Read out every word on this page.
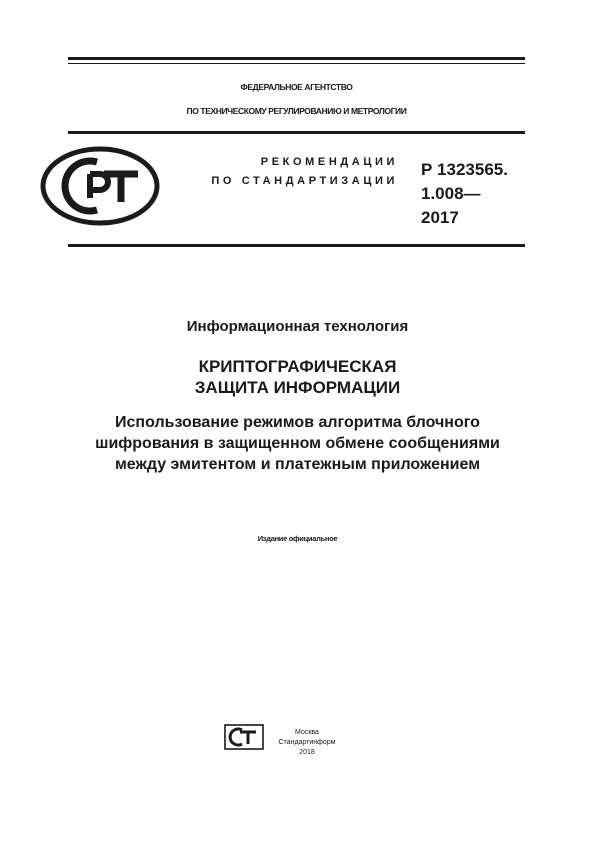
ФЕДЕРАЛЬНОЕ АГЕНТСТВО
ПО ТЕХНИЧЕСКОМУ РЕГУЛИРОВАНИЮ И МЕТРОЛОГИИ
РЕКОМЕНДАЦИИ
ПО СТАНДАРТИЗАЦИИ
Р 1323565.
1.008—
2017
Информационная технология
КРИПТОГРАФИЧЕСКАЯ
ЗАЩИТА ИНФОРМАЦИИ
Использование режимов алгоритма блочного
шифрования в защищенном обмене сообщениями
между эмитентом и платежным приложением
Издание официальное
Москва
Стандартинформ
2018
